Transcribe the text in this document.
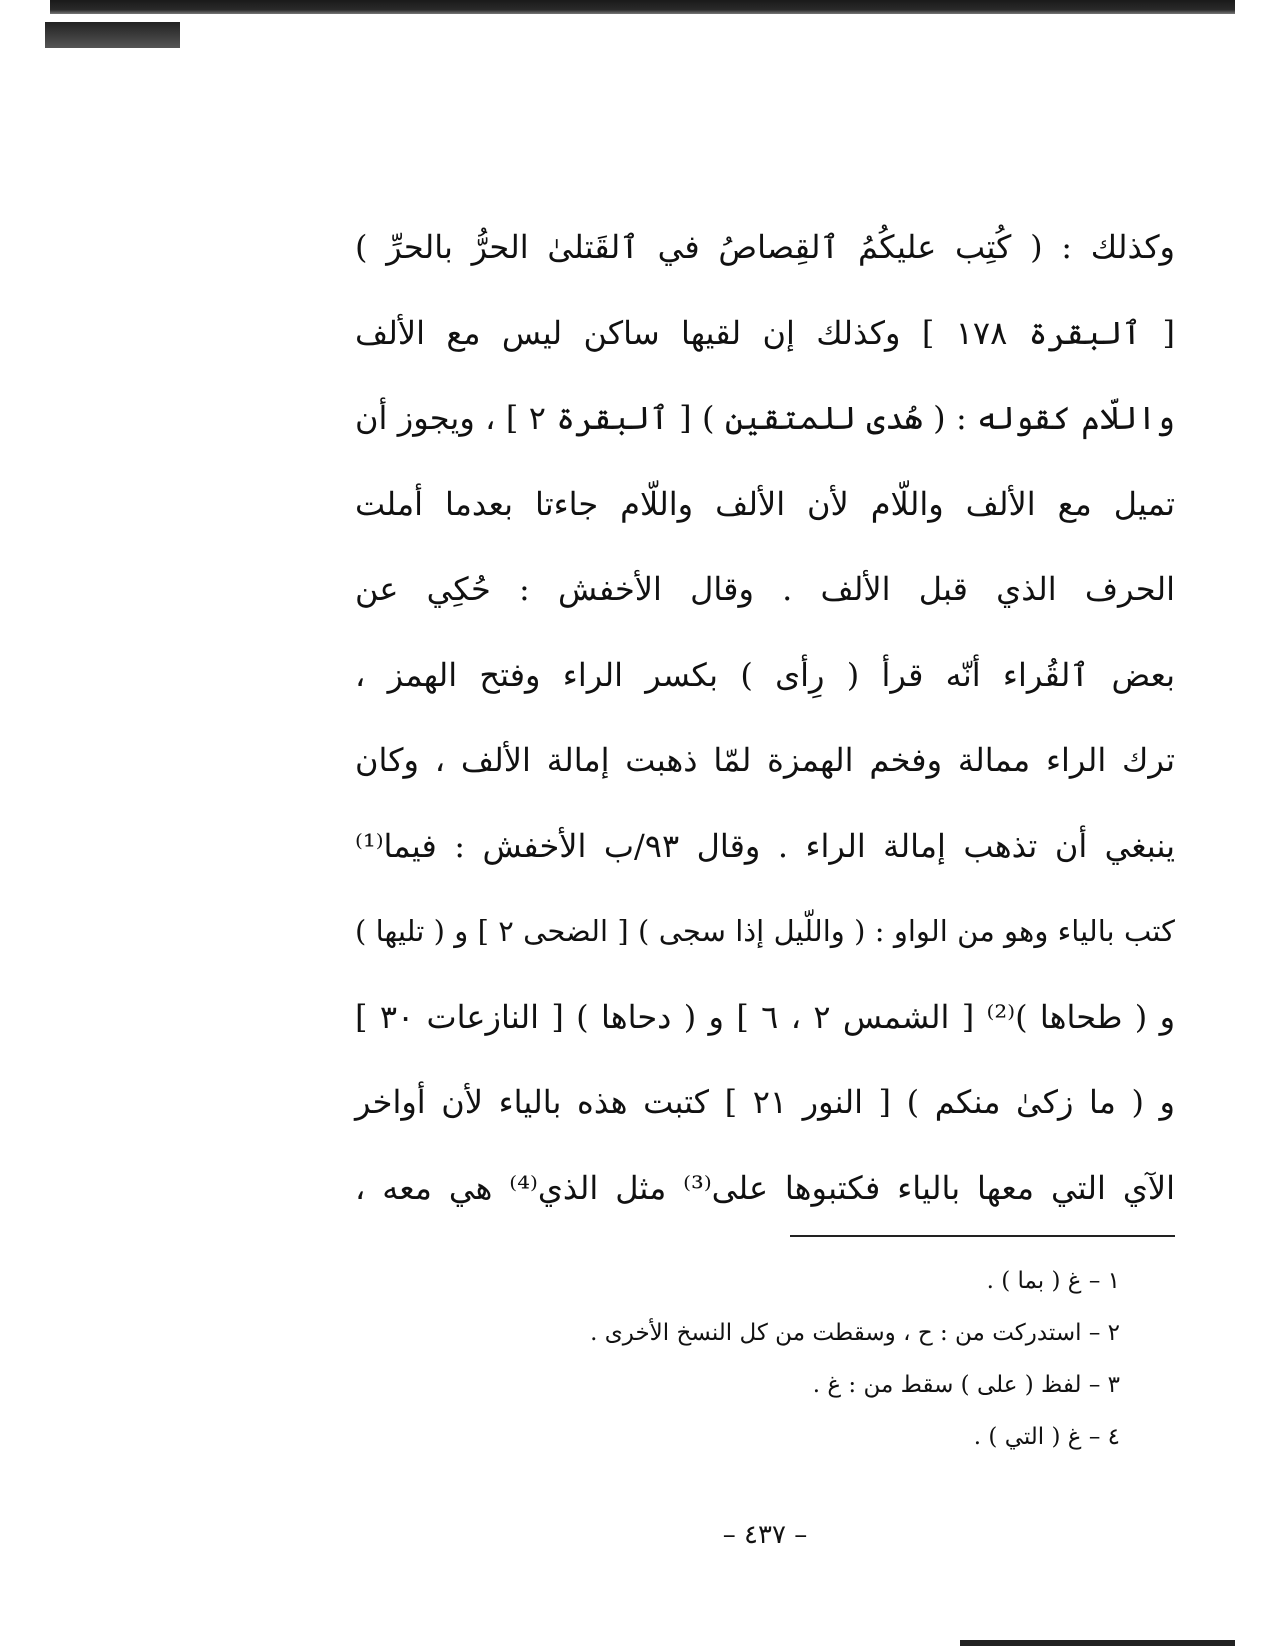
وكذلك : ( كُتِب عليكُمُ ٱلقِصاصُ في ٱلقَتلىٰ الحرُّ بالحرِّ )
[ ٱلبقرة ١٧٨ ] وكذلك إن لقيها ساكن ليس مع الألف
واللّام كقوله : ( هُدى للمتقين ) [ ٱلبقرة ٢ ] ، ويجوز أن
تميل مع الألف واللّام لأن الألف واللّام جاءتا بعدما أملت
الحرف الذي قبل الألف . وقال الأخفش : حُكِي عن
بعض ٱلقُراء أنّه قرأ ( رِأى ) بكسر الراء وفتح الهمز ،
ترك الراء ممالة وفخم الهمزة لمّا ذهبت إمالة الألف ، وكان
ينبغي أن تذهب إمالة الراء . وقال ٩٣/ب الأخفش : فيما⁽¹⁾
كتب بالياء وهو من الواو : ( واللّيل إذا سجى ) [ الضحى ٢ ] و ( تليها )
و ( طحاها )⁽²⁾ [ الشمس ٢ ، ٦ ] و ( دحاها ) [ النازعات ٣٠ ]
و ( ما زكىٰ منكم ) [ النور ٢١ ] كتبت هذه بالياء لأن أواخر
الآي التي معها بالياء فكتبوها على⁽³⁾ مثل الذي⁽⁴⁾ هي معه ،
١ – غ ( بما ) .
٢ – استدركت من : ح ، وسقطت من كل النسخ الأخرى .
٣ – لفظ ( على ) سقط من : غ .
٤ – غ ( التي ) .
– ٤٣٧ –
